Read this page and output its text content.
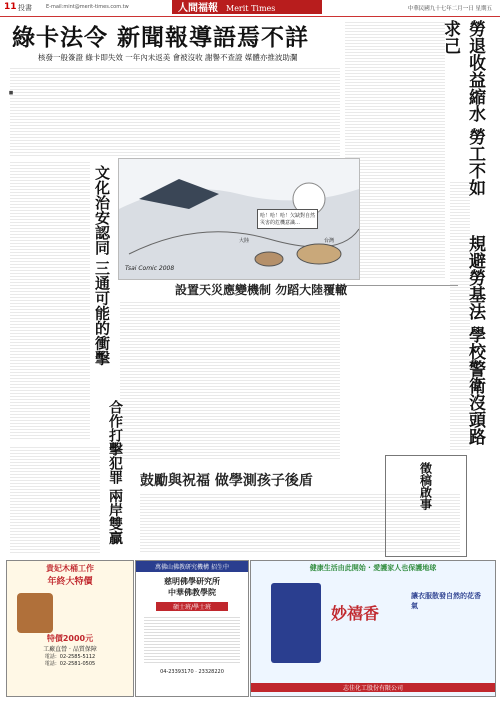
11 投書	E-mail:mint@merit-times.com.tw	人間福報 Merit Times	中華民國九十七年二月一日 星期五
綠卡法令 新聞報導語焉不詳
核發一般簽證 綠卡即失效 一年內未返美 會被沒收 謝譽不查證 媒體亦推波助瀾
◼	勞退收益縮水 勞工不如求己
規避勞基法 學校警衛沒頭路
文化治安認同 三通可能的衝擊	哈！哈！哈！欠缺對自然災害的危機意識…
大陸	台灣
Tsai Comic 2008
設置天災應變機制 勿蹈大陸覆轍
合作打擊犯罪 兩岸雙贏 鼓勵與祝福 做學測孩子後盾	徵稿啟事
貴妃木桶工作
年終大特價
特價2000元
工廠直營 · 品質保障
電話：02-2585-5112
電話：02-2581-0505
萬佛山佛教研究機構 招生中
慈明佛學研究所
中華佛教學院
碩士班/學士班
04-23393170 · 23328220
健康生活由此開始 · 愛護家人也保護地球
妙禧香
讓衣服散發自然的花香氣
志佳化工股份有限公司
